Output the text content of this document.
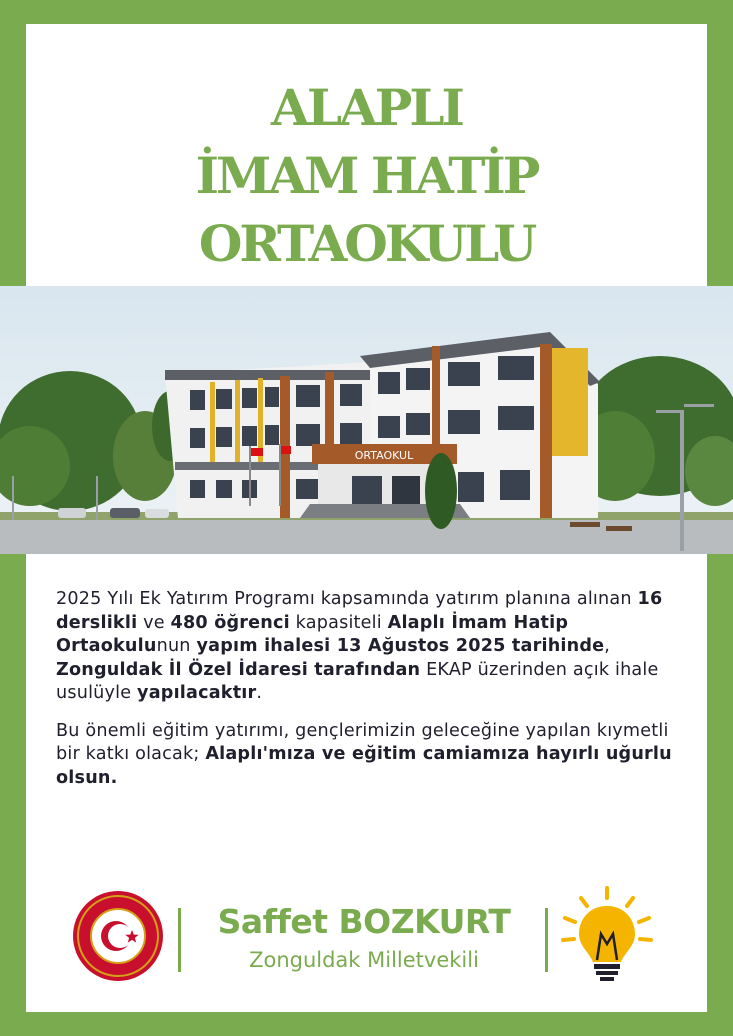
ALAPLI
İMAM HATİP
ORTAOKULU
ORTAOKUL

2025 Yılı Ek Yatırım Programı kapsamında yatırım planına alınan 16 derslikli ve 480 öğrenci kapasiteli Alaplı İmam Hatip Ortaokulunun yapım ihalesi 13 Ağustos 2025 tarihinde, Zonguldak İl Özel İdaresi tarafından EKAP üzerinden açık ihale usulüyle yapılacaktır.

Bu önemli eğitim yatırımı, gençlerimizin geleceğine yapılan kıymetli bir katkı olacak; Alaplı'mıza ve eğitim camiamıza hayırlı uğurlu olsun.

Saffet BOZKURT
Zonguldak Milletvekili
